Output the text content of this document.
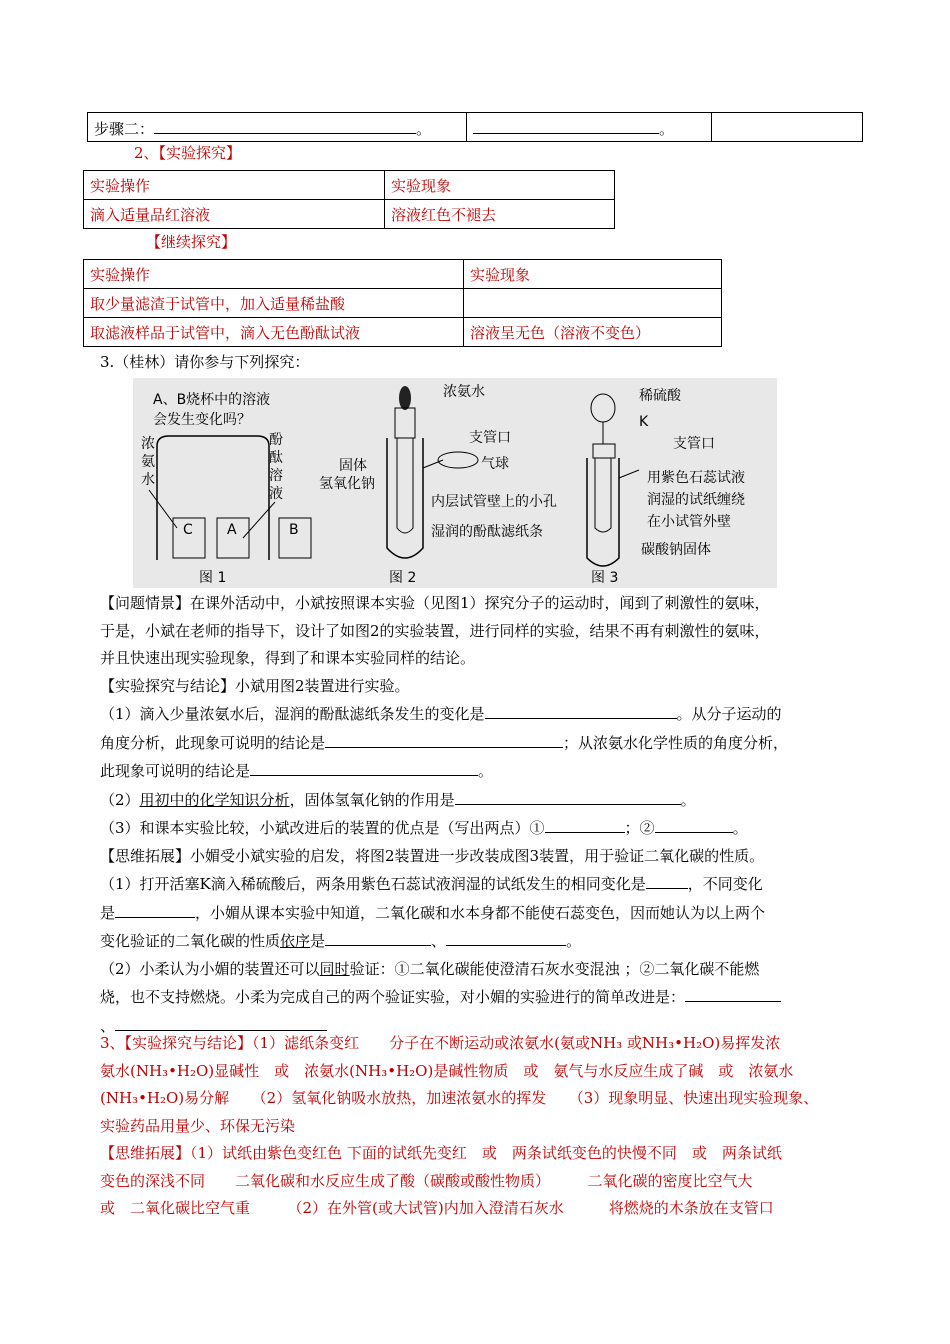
步骤二：	。	。	
2、【实验探究】
实验操作	实验现象
滴入适量品红溶液	溶液红色不褪去
【继续探究】
实验操作	实验现象
取少量滤渣于试管中，加入适量稀盐酸	
取滤液样品于试管中，滴入无色酚酞试液	溶液呈无色（溶液不变色）
3.（桂林）请你参与下列探究：
A、B烧杯中的溶液
会发生变化吗？
浓
氨
水
酚
酞
溶
液
C A	B
图 1
浓氨水
支管口
气球
固体
氢氧化钠
内层试管壁上的小孔
湿润的酚酞滤纸条
图 2
稀硫酸
K
支管口
用紫色石蕊试液
润湿的试纸缠绕
在小试管外壁
碳酸钠固体
图 3
【问题情景】在课外活动中，小斌按照课本实验（见图1）探究分子的运动时，闻到了刺激性的氨味，
于是，小斌在老师的指导下，设计了如图2的实验装置，进行同样的实验，结果不再有刺激性的氨味，
并且快速出现实验现象，得到了和课本实验同样的结论。
【实验探究与结论】小斌用图2装置进行实验。
（1）滴入少量浓氨水后，湿润的酚酞滤纸条发生的变化是	。从分子运动的
角度分析，此现象可说明的结论是	；从浓氨水化学性质的角度分析，
此现象可说明的结论是	。
（2）用初中的化学知识分析，固体氢氧化钠的作用是	。
（3）和课本实验比较，小斌改进后的装置的优点是（写出两点）①	；②	。
【思维拓展】小媚受小斌实验的启发，将图2装置进一步改装成图3装置，用于验证二氧化碳的性质。
（1）打开活塞K滴入稀硫酸后，两条用紫色石蕊试液润湿的试纸发生的相同变化是	，不同变化
是	，小媚从课本实验中知道，二氧化碳和水本身都不能使石蕊变色，因而她认为以上两个
变化验证的二氧化碳的性质依序是	、	。
（2）小柔认为小媚的装置还可以同时验证：①二氧化碳能使澄清石灰水变混浊 ；②二氧化碳不能燃
烧，也不支持燃烧。小柔为完成自己的两个验证实验，对小媚的实验进行的简单改进是：
、
3、【实验探究与结论】（1）滤纸条变红　　分子在不断运动或浓氨水(氨或NH₃ 或NH₃•H₂O)易挥发浓
氨水(NH₃•H₂O)显碱性　或　浓氨水(NH₃•H₂O)是碱性物质　或　氨气与水反应生成了碱　或　浓氨水
(NH₃•H₂O)易分解　　（2）氢氧化钠吸水放热，加速浓氨水的挥发　　（3）现象明显、快速出现实验现象、
实验药品用量少、环保无污染
【思维拓展】（1）试纸由紫色变红色 下面的试纸先变红　或　两条试纸变色的快慢不同　或　两条试纸
变色的深浅不同　　二氧化碳和水反应生成了酸（碳酸或酸性物质）　　　二氧化碳的密度比空气大
或　二氧化碳比空气重　　　（2）在外管(或大试管)内加入澄清石灰水　　　将燃烧的木条放在支管口
